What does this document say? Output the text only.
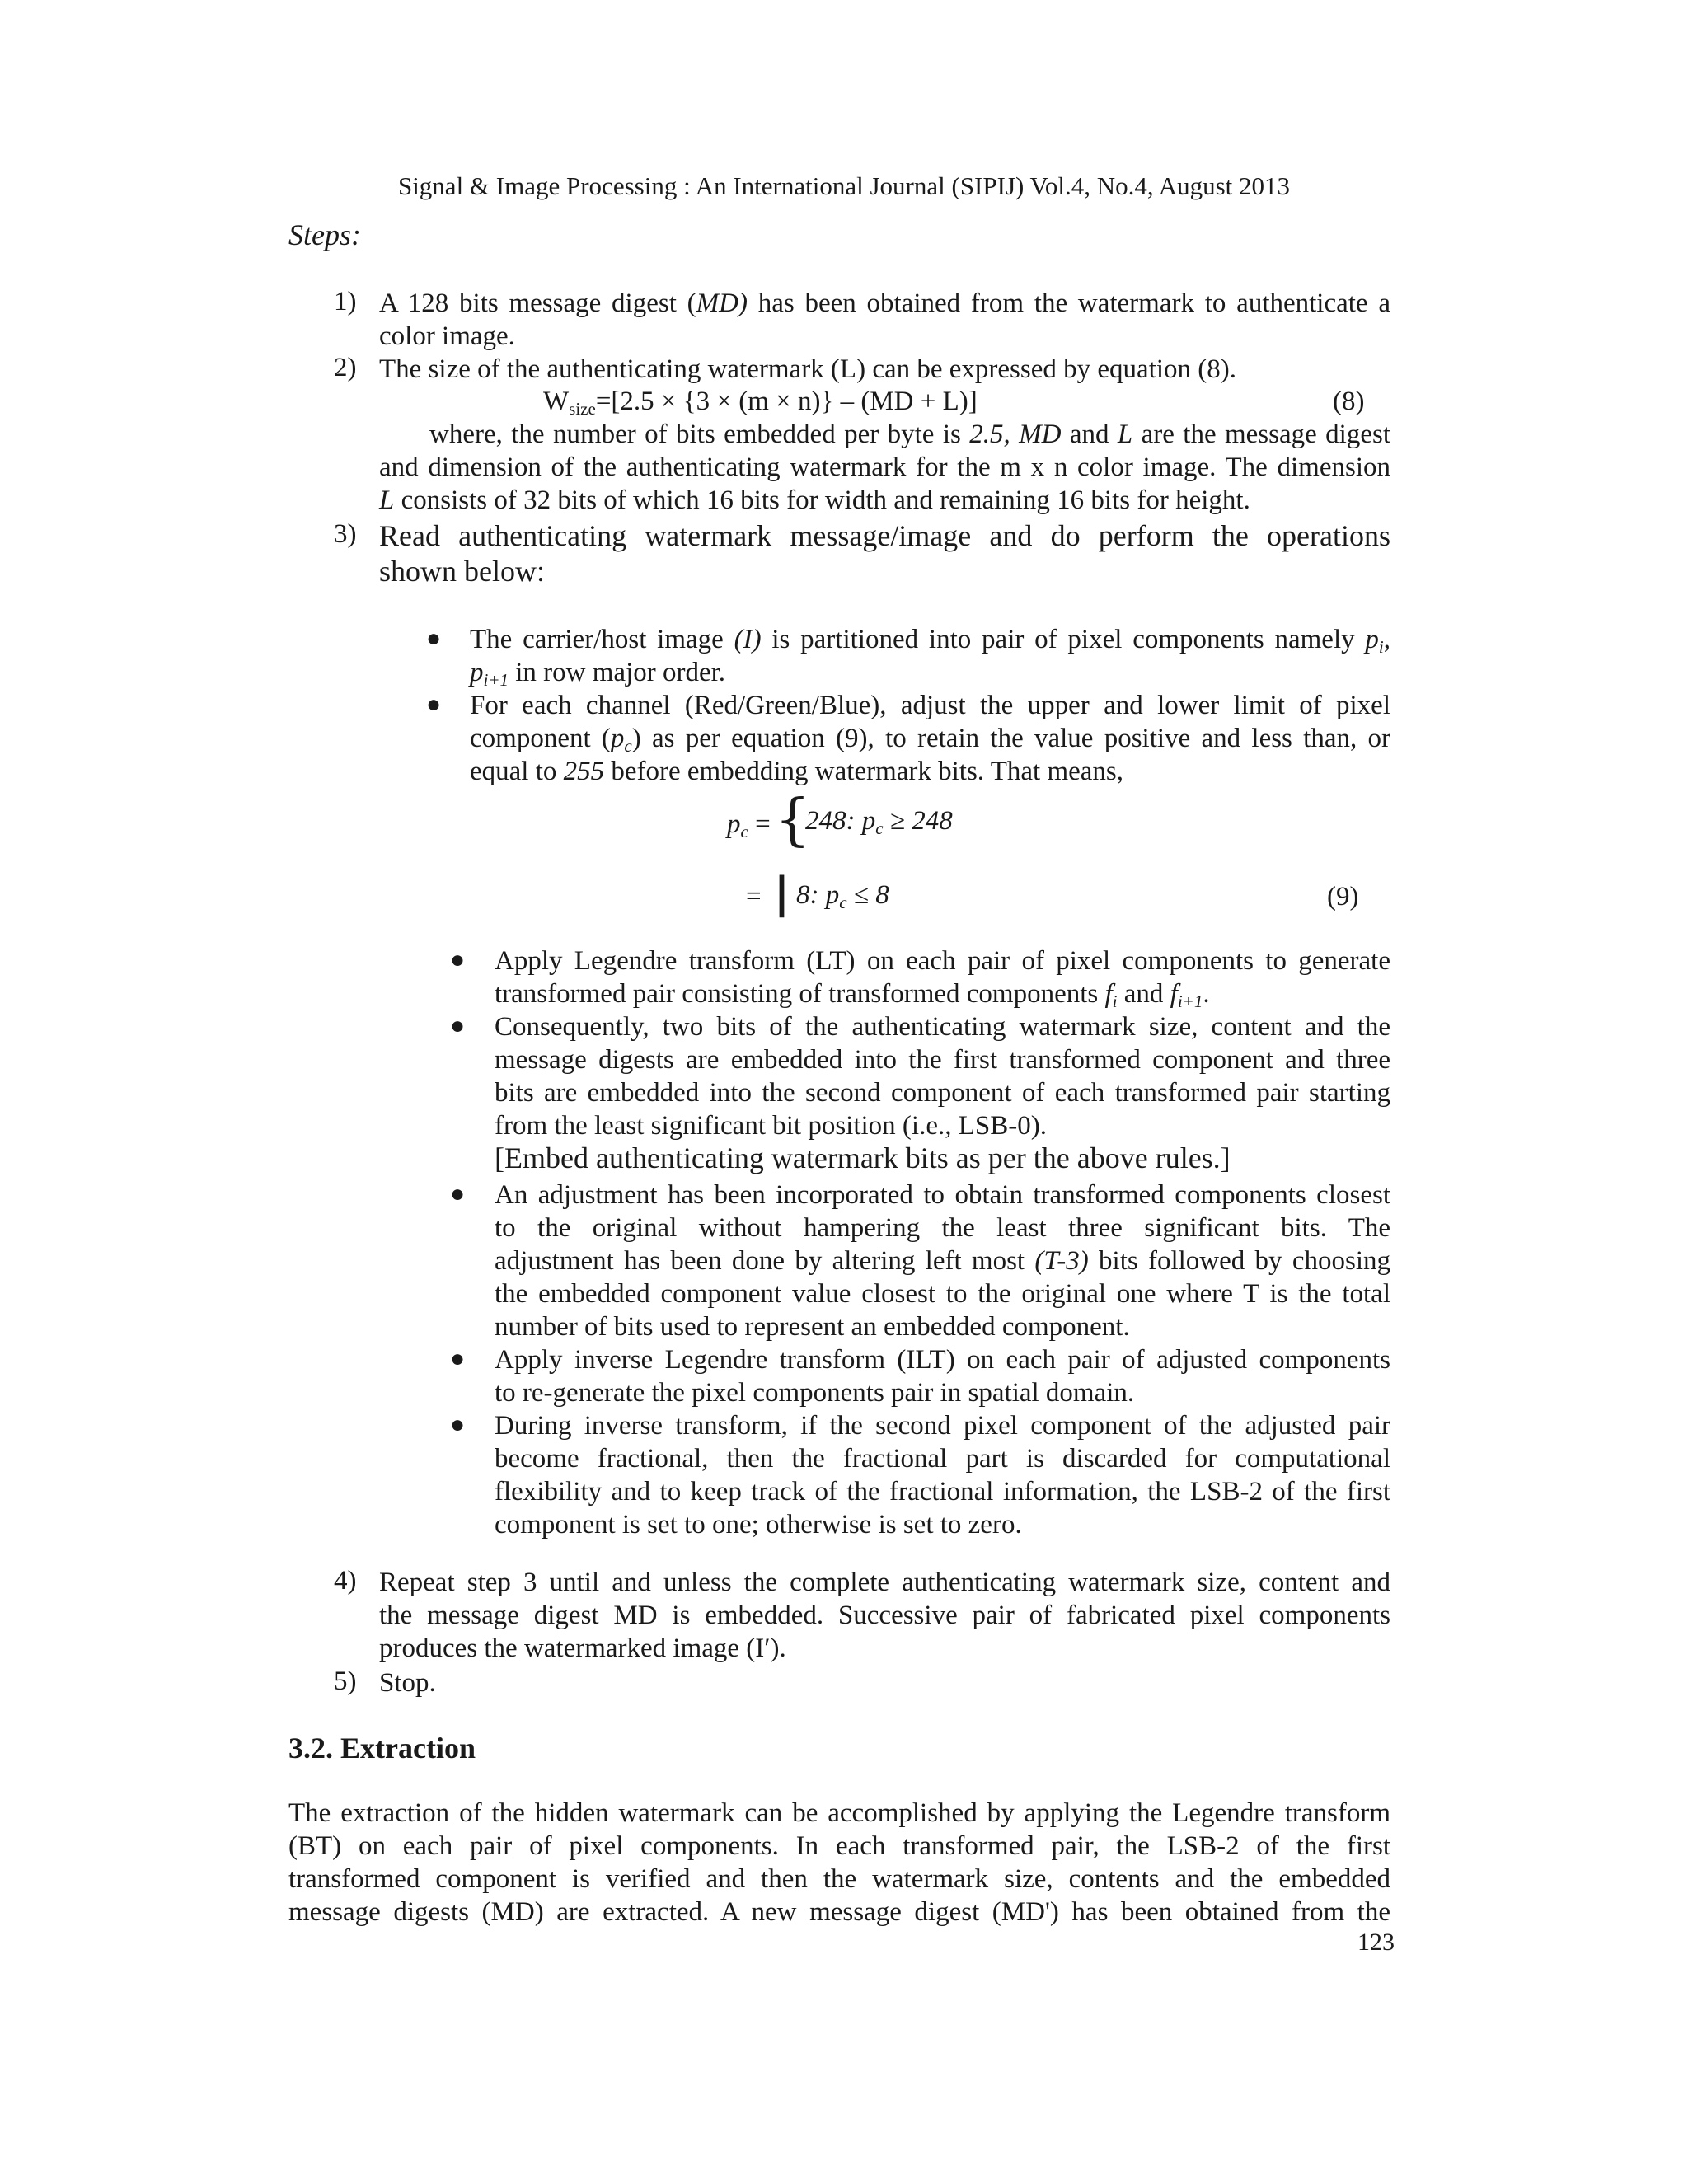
Signal & Image Processing : An International Journal (SIPIJ) Vol.4, No.4, August 2013
Steps:
1) A 128 bits message digest (MD) has been obtained from the watermark to authenticate a
color image.
2) The size of the authenticating watermark (L) can be expressed by equation (8).
$W_{size}=[2.5 \times \{3 \times (m \times n)\} - (MD + L)]$	(8)
where, the number of bits embedded per byte is 2.5, MD and L are the message digest
and dimension of the authenticating watermark for the m x n color image. The dimension
L consists of 32 bits of which 16 bits for width and remaining 16 bits for height.
3) Read authenticating watermark message/image and do perform the operations
shown below:
● The carrier/host image (I) is partitioned into pair of pixel components namely $p_i$,
$p_{i+1}$ in row major order.
● For each channel (Red/Green/Blue), adjust the upper and lower limit of pixel
component $(p_c)$ as per equation (9), to retain the value positive and less than, or
equal to 255 before embedding watermark bits. That means,
$p_c$ = {
248: $p_c \ge 248$
= | 8: $p_c \le 8$	(9)
● Apply Legendre transform (LT) on each pair of pixel components to generate
transformed pair consisting of transformed components $f_i$ and $f_{i+1}$.
● Consequently, two bits of the authenticating watermark size, content and the
message digests are embedded into the first transformed component and three
bits are embedded into the second component of each transformed pair starting
from the least significant bit position (i.e., LSB-0).
[Embed authenticating watermark bits as per the above rules.]
● An adjustment has been incorporated to obtain transformed components closest
to the original without hampering the least three significant bits. The
adjustment has been done by altering left most (T-3) bits followed by choosing
the embedded component value closest to the original one where T is the total
number of bits used to represent an embedded component.
● Apply inverse Legendre transform (ILT) on each pair of adjusted components
to re-generate the pixel components pair in spatial domain.
● During inverse transform, if the second pixel component of the adjusted pair
become fractional, then the fractional part is discarded for computational
flexibility and to keep track of the fractional information, the LSB-2 of the first
component is set to one; otherwise is set to zero.
4) Repeat step 3 until and unless the complete authenticating watermark size, content and
the message digest MD is embedded. Successive pair of fabricated pixel components
produces the watermarked image (I′).
5) Stop.
3.2. Extraction
The extraction of the hidden watermark can be accomplished by applying the Legendre transform
(BT) on each pair of pixel components. In each transformed pair, the LSB-2 of the first
transformed component is verified and then the watermark size, contents and the embedded
message digests (MD) are extracted. A new message digest (MD') has been obtained from the
123
